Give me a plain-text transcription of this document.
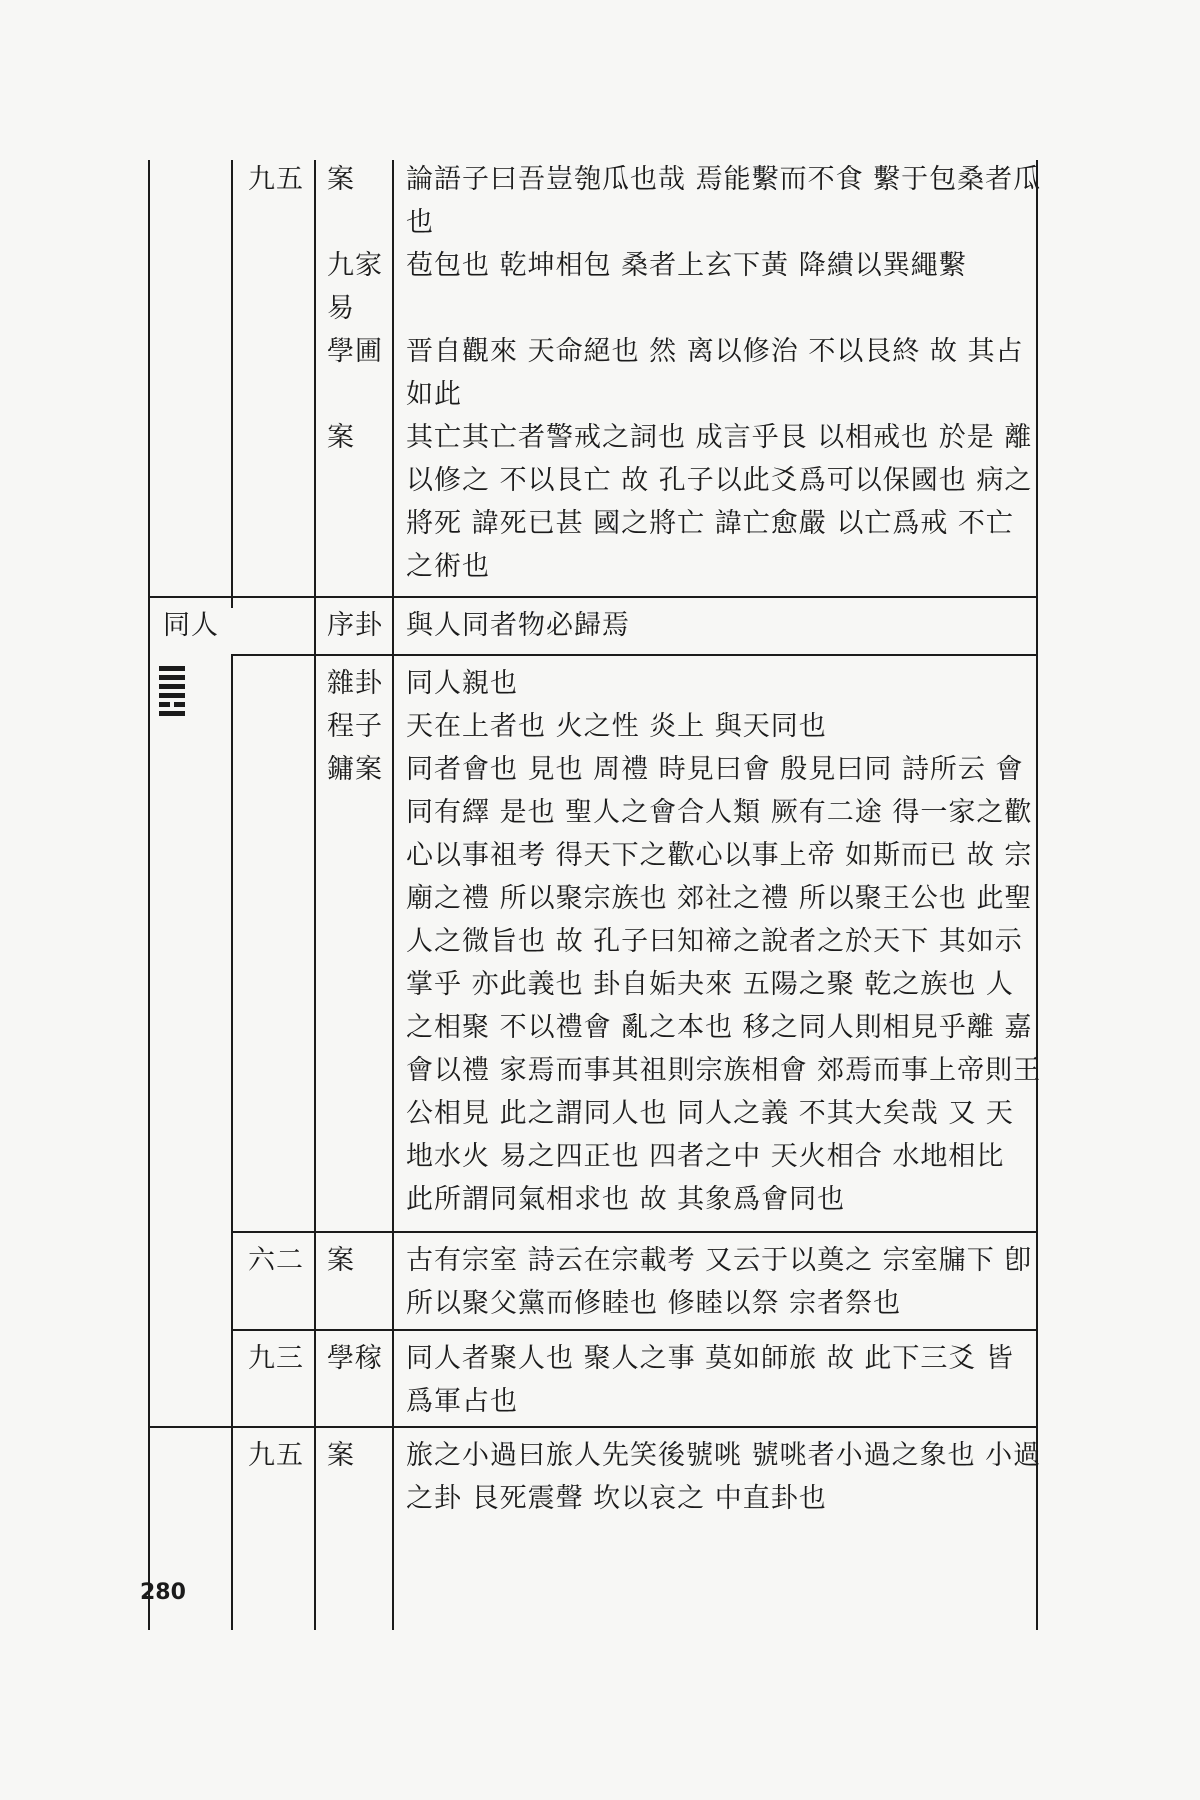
九五 案 論語子曰吾豈匏瓜也哉 焉能繫而不食 繫于包桑者瓜
也
九家
易
苞包也 乾坤相包 桑者上玄下黃 降繢以巽繩繫
學圃 晋自觀來 天命絕也 然 离以修治 不以艮終 故 其占
如此
案 其亡其亡者警戒之詞也 成言乎艮 以相戒也 於是 離
以修之 不以艮亡 故 孔子以此爻爲可以保國也 病之
將死 諱死已甚 國之將亡 諱亡愈嚴 以亡爲戒 不亡
之術也
同人	序卦 與人同者物必歸焉
雜卦 同人親也
程子 天在上者也 火之性 炎上 與天同也
鏞案 同者會也 見也 周禮 時見曰會 殷見曰同 詩所云 會
同有繹 是也 聖人之會合人類 厥有二途 得一家之歡
心以事祖考 得天下之歡心以事上帝 如斯而已 故 宗
廟之禮 所以聚宗族也 郊社之禮 所以聚王公也 此聖
人之微旨也 故 孔子曰知禘之說者之於天下 其如示
掌乎 亦此義也 卦自姤夬來 五陽之聚 乾之族也 人
之相聚 不以禮會 亂之本也 移之同人則相見乎離 嘉
會以禮 家焉而事其祖則宗族相會 郊焉而事上帝則王
公相見 此之謂同人也 同人之義 不其大矣哉 又 天
地水火 易之四正也 四者之中 天火相合 水地相比
此所謂同氣相求也 故 其象爲會同也
六二 案 古有宗室 詩云在宗載考 又云于以奠之 宗室牖下 卽
所以聚父黨而修睦也 修睦以祭 宗者祭也
九三 學稼 同人者聚人也 聚人之事 莫如師旅 故 此下三爻 皆
爲軍占也
九五 案 旅之小過曰旅人先笑後號咷 號咷者小過之象也 小過
之卦 艮死震聲 坎以哀之 中直卦也
280
